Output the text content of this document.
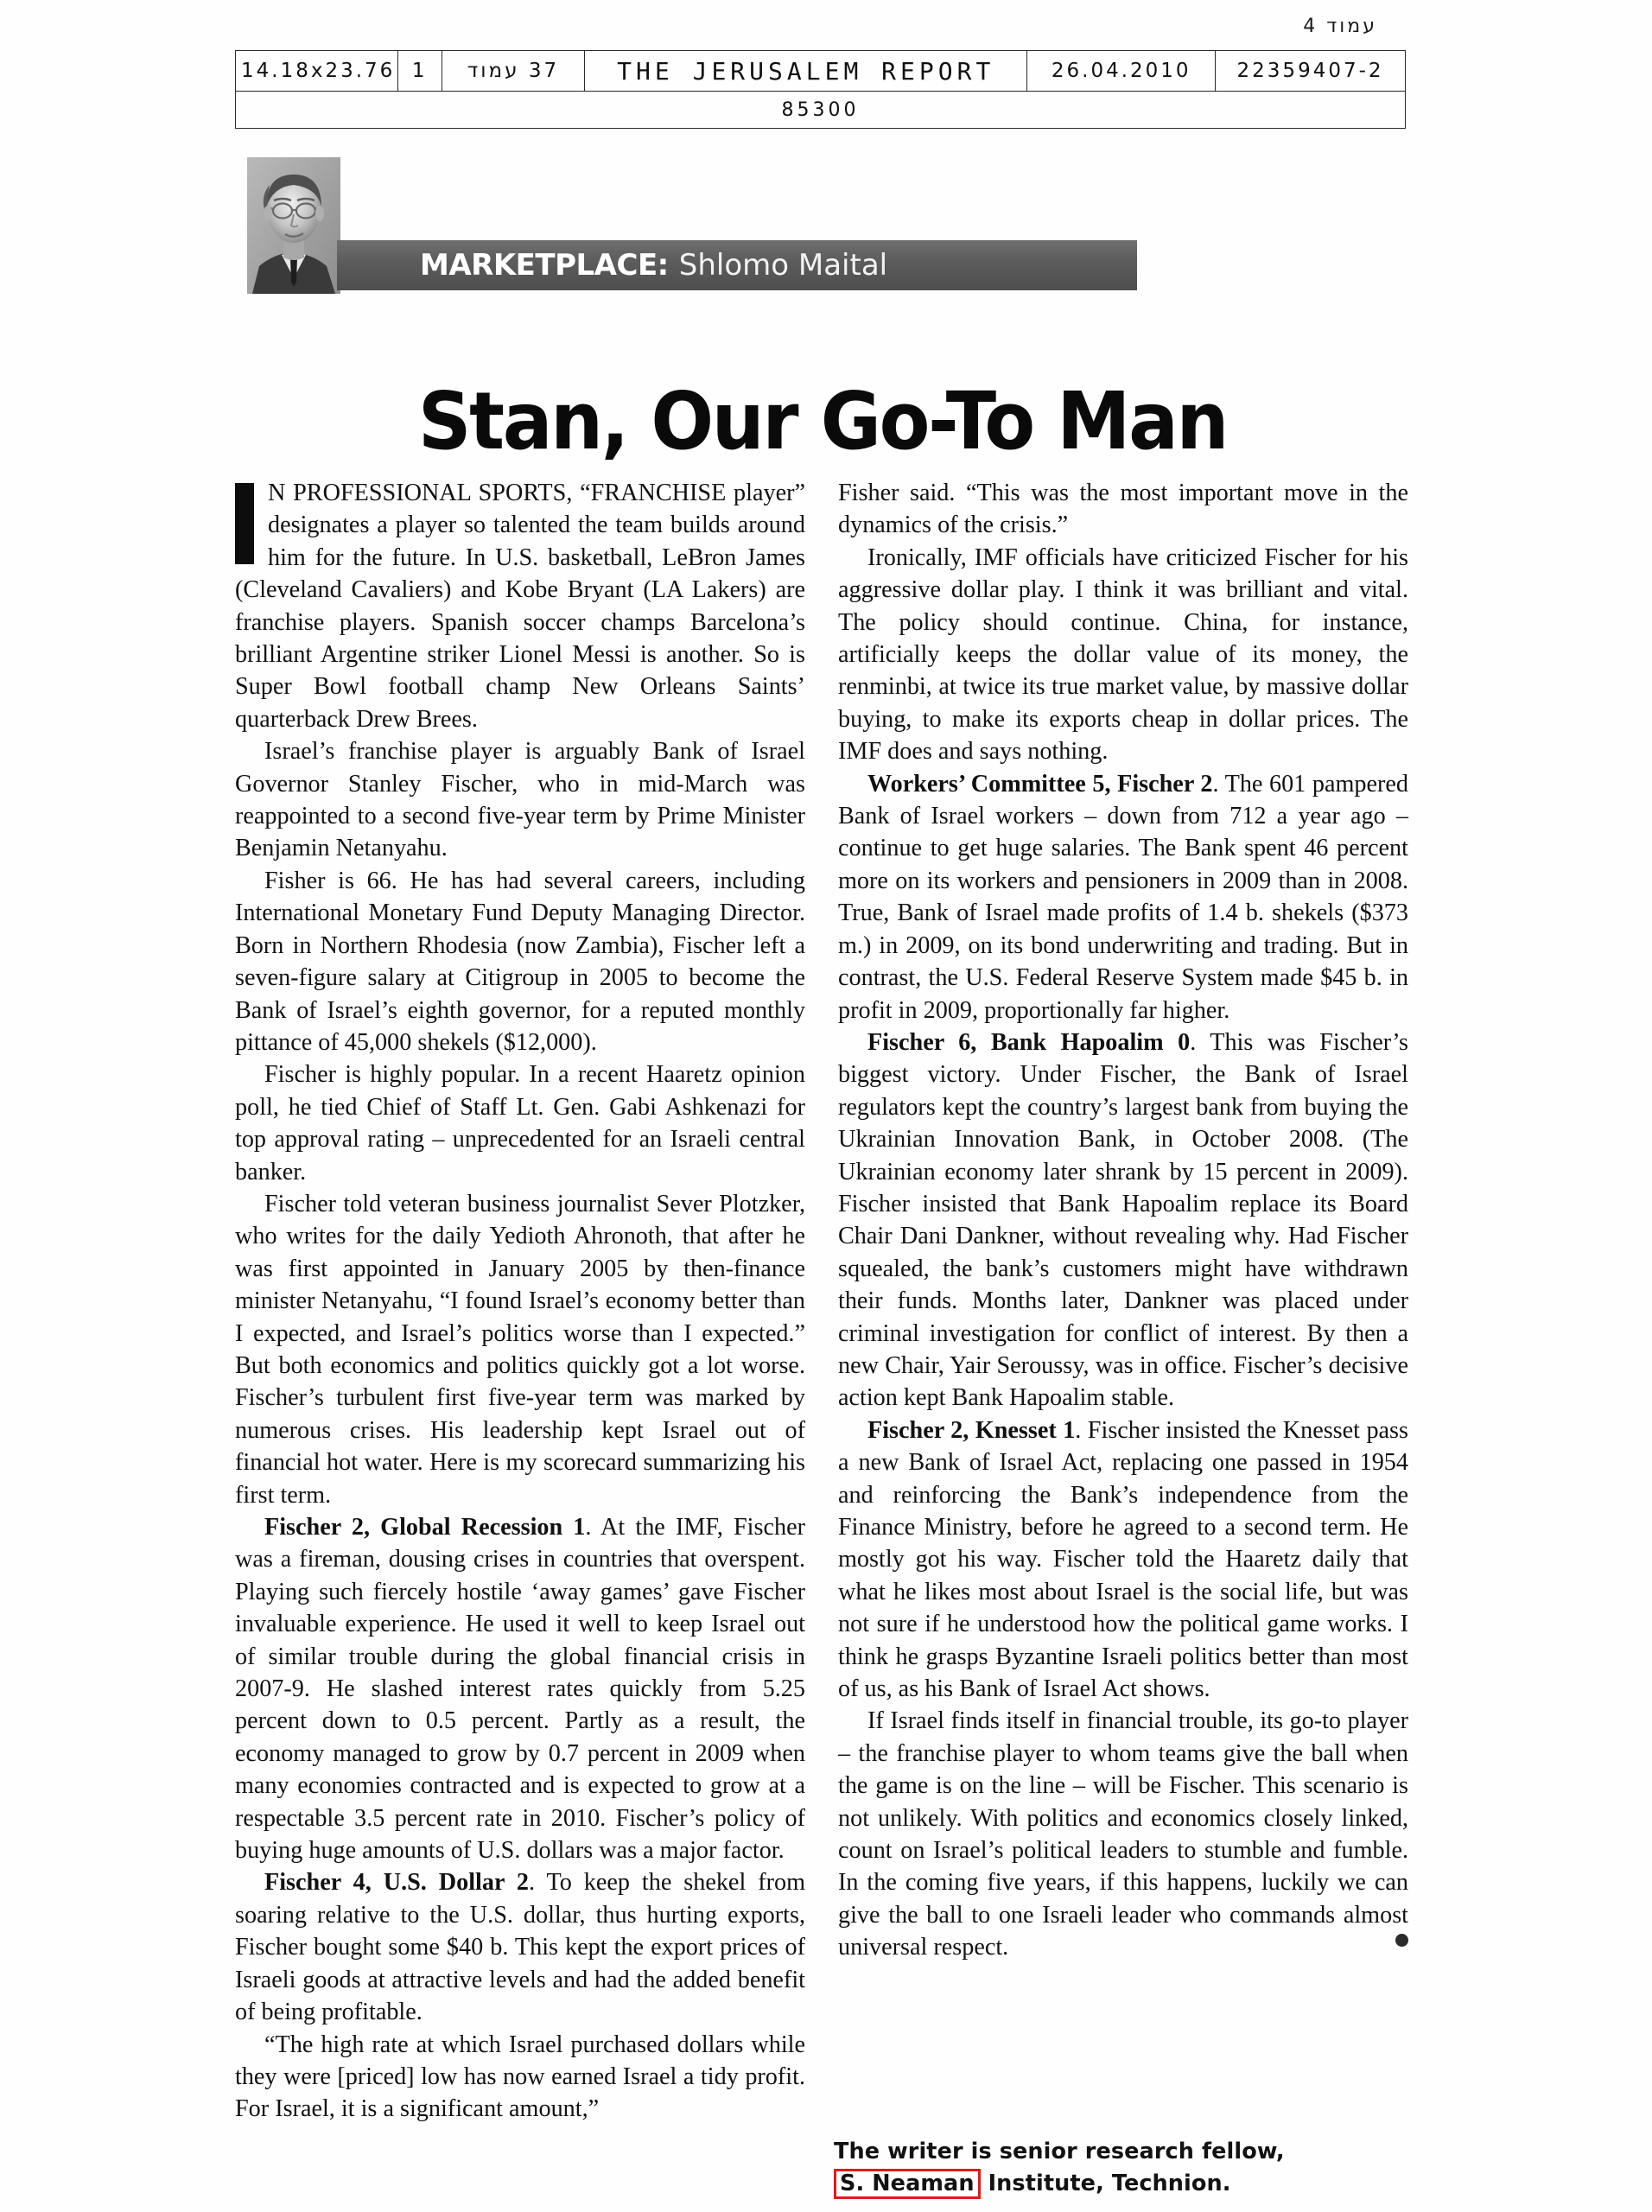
עמוד 4
14.18x23.76	1	37 עמוד	THE JERUSALEM REPORT	26.04.2010	22359407-2
85300
MARKETPLACE: Shlomo Maital
Stan, Our Go-To Man

N PROFESSIONAL SPORTS, “FRANCHISE player” designates a player so talented the team builds around him for the future. In U.S. basketball, LeBron James (Cleveland Cavaliers) and Kobe Bryant (LA Lakers) are franchise players. Spanish soccer champs Barcelona’s brilliant Argentine striker Lionel Messi is another. So is Super Bowl football champ New Orleans Saints’ quarterback Drew Brees.

Israel’s franchise player is arguably Bank of Israel Governor Stanley Fischer, who in mid-March was reappointed to a second five-year term by Prime Minister Benjamin Netanyahu.

Fisher is 66. He has had several careers, including International Monetary Fund Deputy Managing Director. Born in Northern Rhodesia (now Zambia), Fischer left a seven-figure salary at Citigroup in 2005 to become the Bank of Israel’s eighth governor, for a reputed monthly pittance of 45,000 shekels ($12,000).

Fischer is highly popular. In a recent Haaretz opinion poll, he tied Chief of Staff Lt. Gen. Gabi Ashkenazi for top approval rating – unprecedented for an Israeli central banker.

Fischer told veteran business journalist Sever Plotzker, who writes for the daily Yedioth Ahronoth, that after he was first appointed in January 2005 by then-finance minister Netanyahu, “I found Israel’s economy better than I expected, and Israel’s politics worse than I expected.” But both economics and politics quickly got a lot worse. Fischer’s turbulent first five-year term was marked by numerous crises. His leadership kept Israel out of financial hot water. Here is my scorecard summarizing his first term.

Fischer 2, Global Recession 1. At the IMF, Fischer was a fireman, dousing crises in countries that overspent. Playing such fiercely hostile ‘away games’ gave Fischer invaluable experience. He used it well to keep Israel out of similar trouble during the global financial crisis in 2007-9. He slashed interest rates quickly from 5.25 percent down to 0.5 percent. Partly as a result, the economy managed to grow by 0.7 percent in 2009 when many economies contracted and is expected to grow at a respectable 3.5 percent rate in 2010. Fischer’s policy of buying huge amounts of U.S. dollars was a major factor.

Fischer 4, U.S. Dollar 2. To keep the shekel from soaring relative to the U.S. dollar, thus hurting exports, Fischer bought some $40 b. This kept the export prices of Israeli goods at attractive levels and had the added benefit of being profitable.

“The high rate at which Israel purchased dollars while they were [priced] low has now earned Israel a tidy profit. For Israel, it is a significant amount,”

Fisher said. “This was the most important move in the dynamics of the crisis.”

Ironically, IMF officials have criticized Fischer for his aggressive dollar play. I think it was brilliant and vital. The policy should continue. China, for instance, artificially keeps the dollar value of its money, the renminbi, at twice its true market value, by massive dollar buying, to make its exports cheap in dollar prices. The IMF does and says nothing.

Workers’ Committee 5, Fischer 2. The 601 pampered Bank of Israel workers – down from 712 a year ago – continue to get huge salaries. The Bank spent 46 percent more on its workers and pensioners in 2009 than in 2008. True, Bank of Israel made profits of 1.4 b. shekels ($373 m.) in 2009, on its bond underwriting and trading. But in contrast, the U.S. Federal Reserve System made $45 b. in profit in 2009, proportionally far higher.

Fischer 6, Bank Hapoalim 0. This was Fischer’s biggest victory. Under Fischer, the Bank of Israel regulators kept the country’s largest bank from buying the Ukrainian Innovation Bank, in October 2008. (The Ukrainian economy later shrank by 15 percent in 2009). Fischer insisted that Bank Hapoalim replace its Board Chair Dani Dankner, without revealing why. Had Fischer squealed, the bank’s customers might have withdrawn their funds. Months later, Dankner was placed under criminal investigation for conflict of interest. By then a new Chair, Yair Seroussy, was in office. Fischer’s decisive action kept Bank Hapoalim stable.

Fischer 2, Knesset 1. Fischer insisted the Knesset pass a new Bank of Israel Act, replacing one passed in 1954 and reinforcing the Bank’s independence from the Finance Ministry, before he agreed to a second term. He mostly got his way. Fischer told the Haaretz daily that what he likes most about Israel is the social life, but was not sure if he understood how the political game works. I think he grasps Byzantine Israeli politics better than most of us, as his Bank of Israel Act shows.

If Israel finds itself in financial trouble, its go-to player – the franchise player to whom teams give the ball when the game is on the line – will be Fischer. This scenario is not unlikely. With politics and economics closely linked, count on Israel’s political leaders to stumble and fumble. In the coming five years, if this happens, luckily we can give the ball to one Israeli leader who commands almost universal respect.

The writer is senior research fellow, S. Neaman Institute, Technion.
